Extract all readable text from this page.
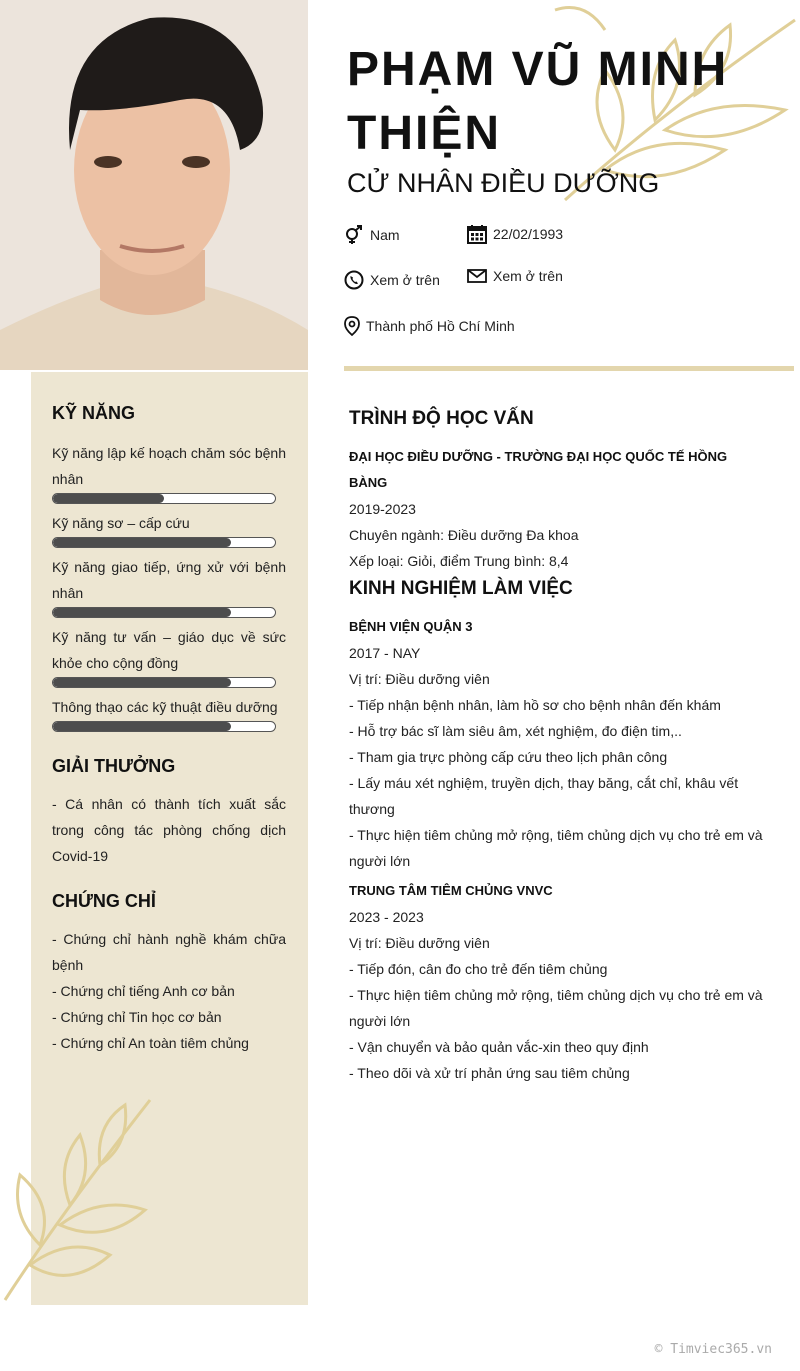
PHẠM VŨ MINH THIỆN
CỬ NHÂN ĐIỀU DƯỠNG
Nam	22/02/1993
Xem ở trên	Xem ở trên
Thành phố Hồ Chí Minh
KỸ NĂNG
Kỹ năng lập kế hoạch chăm sóc bệnh nhân
Kỹ năng sơ – cấp cứu
Kỹ năng giao tiếp, ứng xử với bệnh nhân
Kỹ năng tư vấn – giáo dục về sức khỏe cho cộng đồng
Thông thạo các kỹ thuật điều dưỡng
GIẢI THƯỞNG
- Cá nhân có thành tích xuất sắc trong công tác phòng chống dịch Covid-19
CHỨNG CHỈ
- Chứng chỉ hành nghề khám chữa bệnh
- Chứng chỉ tiếng Anh cơ bản
- Chứng chỉ Tin học cơ bản
- Chứng chỉ An toàn tiêm chủng
TRÌNH ĐỘ HỌC VẤN
ĐẠI HỌC ĐIỀU DƯỠNG - TRƯỜNG ĐẠI HỌC QUỐC TẾ HỒNG BÀNG
2019-2023
Chuyên ngành: Điều dưỡng Đa khoa
Xếp loại: Giỏi, điểm Trung bình: 8,4
KINH NGHIỆM LÀM VIỆC
BỆNH VIỆN QUẬN 3
2017 - NAY
Vị trí: Điều dưỡng viên
- Tiếp nhận bệnh nhân, làm hồ sơ cho bệnh nhân đến khám
- Hỗ trợ bác sĩ làm siêu âm, xét nghiệm, đo điện tim,..
- Tham gia trực phòng cấp cứu theo lịch phân công
- Lấy máu xét nghiệm, truyền dịch, thay băng, cắt chỉ, khâu vết thương
- Thực hiện tiêm chủng mở rộng, tiêm chủng dịch vụ cho trẻ em và người lớn
TRUNG TÂM TIÊM CHỦNG VNVC
2023 - 2023
Vị trí: Điều dưỡng viên
- Tiếp đón, cân đo cho trẻ đến tiêm chủng
- Thực hiện tiêm chủng mở rộng, tiêm chủng dịch vụ cho trẻ em và người lớn
- Vận chuyển và bảo quản vắc-xin theo quy định
- Theo dõi và xử trí phản ứng sau tiêm chủng
© Timviec365.vn
